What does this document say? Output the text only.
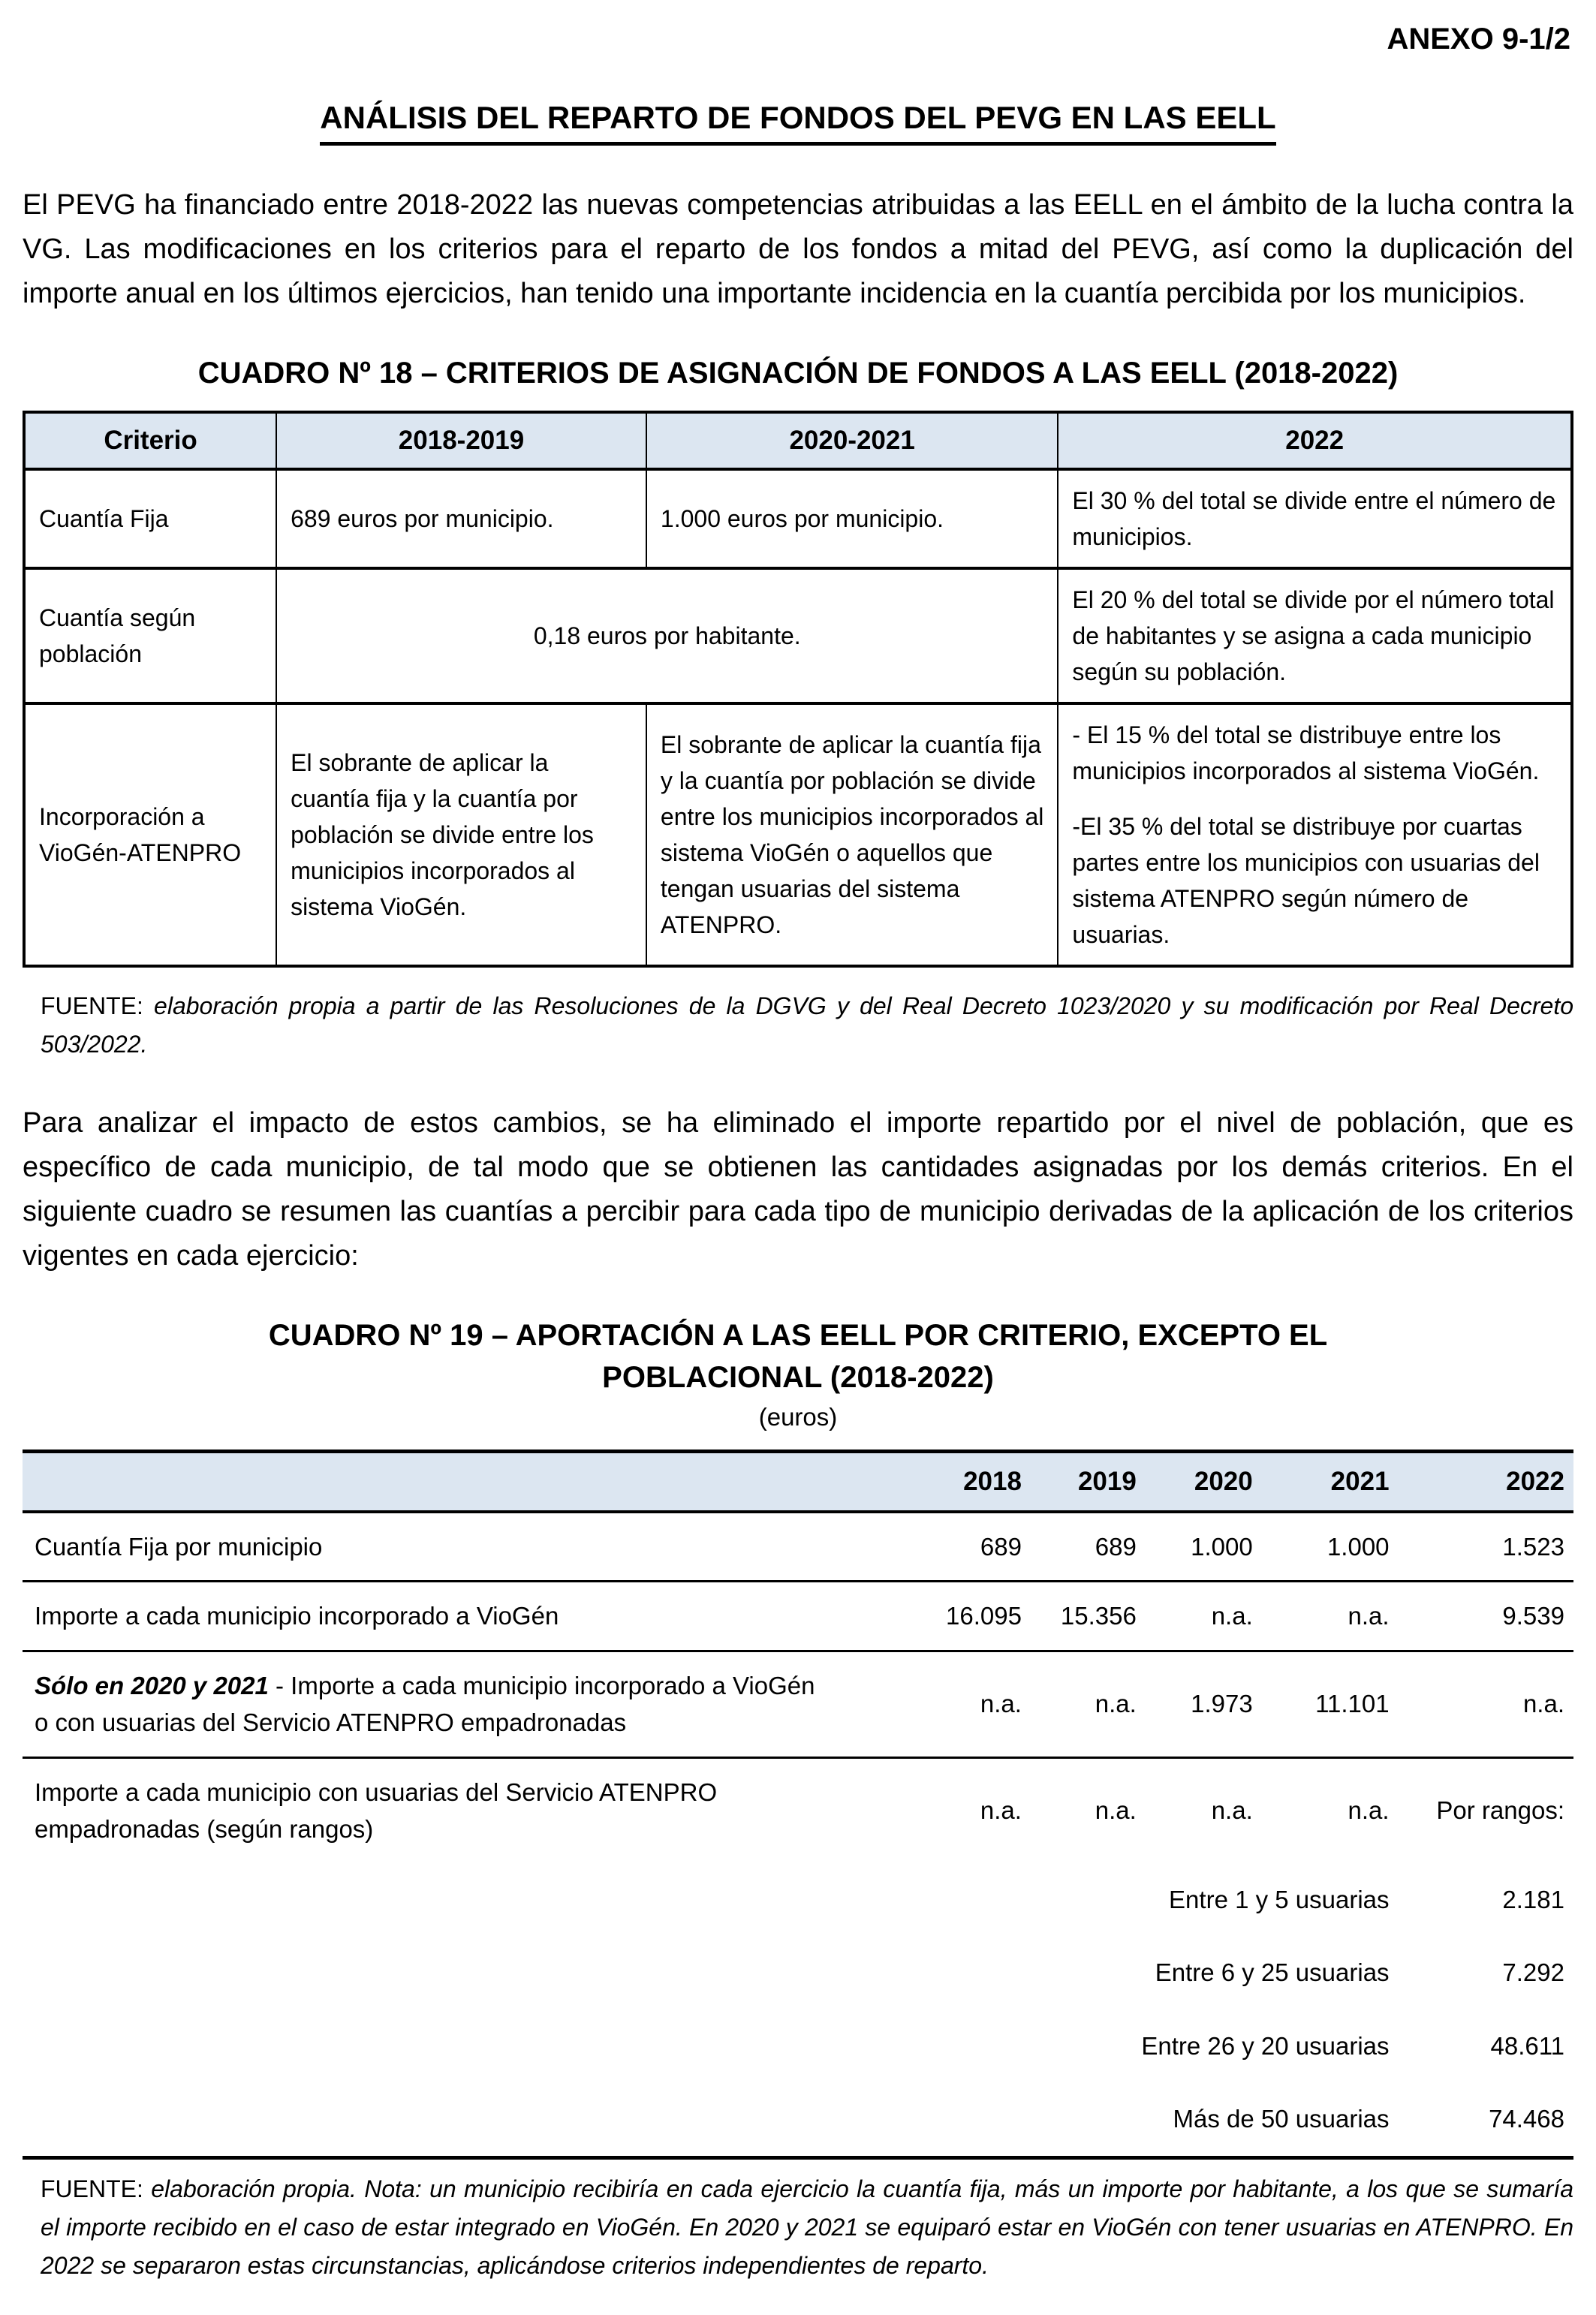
ANEXO 9-1/2
ANÁLISIS DEL REPARTO DE FONDOS DEL PEVG EN LAS EELL

El PEVG ha financiado entre 2018-2022 las nuevas competencias atribuidas a las EELL en el ámbito de la lucha contra la VG. Las modificaciones en los criterios para el reparto de los fondos a mitad del PEVG, así como la duplicación del importe anual en los últimos ejercicios, han tenido una importante incidencia en la cuantía percibida por los municipios.

CUADRO Nº 18 – CRITERIOS DE ASIGNACIÓN DE FONDOS A LAS EELL (2018-2022)
Criterio	2018-2019	2020-2021	2022
Cuantía Fija	689 euros por municipio.	1.000 euros por municipio.	El 30 % del total se divide entre el número de municipios.
Cuantía según población	0,18 euros por habitante.		El 20 % del total se divide por el número total de habitantes y se asigna a cada municipio según su población.
Incorporación a VioGén-ATENPRO	El sobrante de aplicar la cuantía fija y la cuantía por población se divide entre los municipios incorporados al sistema VioGén.	El sobrante de aplicar la cuantía fija y la cuantía por población se divide entre los municipios incorporados al sistema VioGén o aquellos que tengan usuarias del sistema ATENPRO.	- El 15 % del total se distribuye entre los municipios incorporados al sistema VioGén.
-El 35 % del total se distribuye por cuartas partes entre los municipios con usuarias del sistema ATENPRO según número de usuarias.

FUENTE: elaboración propia a partir de las Resoluciones de la DGVG y del Real Decreto 1023/2020 y su modificación por Real Decreto 503/2022.

Para analizar el impacto de estos cambios, se ha eliminado el importe repartido por el nivel de población, que es específico de cada municipio, de tal modo que se obtienen las cantidades asignadas por los demás criterios. En el siguiente cuadro se resumen las cuantías a percibir para cada tipo de municipio derivadas de la aplicación de los criterios vigentes en cada ejercicio:

CUADRO Nº 19 – APORTACIÓN A LAS EELL POR CRITERIO, EXCEPTO EL
POBLACIONAL (2018-2022)
(euros)
	2018	2019	2020	2021	2022
Cuantía Fija por municipio	689	689	1.000	1.000	1.523
Importe a cada municipio incorporado a VioGén	16.095	15.356	n.a.	n.a.	9.539
Sólo en 2020 y 2021 - Importe a cada municipio incorporado a VioGén o con usuarias del Servicio ATENPRO empadronadas	n.a.	n.a.	1.973	11.101	n.a.
Importe a cada municipio con usuarias del Servicio ATENPRO empadronadas (según rangos)	n.a.	n.a.	n.a.	n.a.	Por rangos:
Entre 1 y 5 usuarias					2.181
Entre 6 y 25 usuarias					7.292
Entre 26 y 20 usuarias					48.611
Más de 50 usuarias					74.468

FUENTE: elaboración propia. Nota: un municipio recibiría en cada ejercicio la cuantía fija, más un importe por habitante, a los que se sumaría el importe recibido en el caso de estar integrado en VioGén. En 2020 y 2021 se equiparó estar en VioGén con tener usuarias en ATENPRO. En 2022 se separaron estas circunstancias, aplicándose criterios independientes de reparto.
